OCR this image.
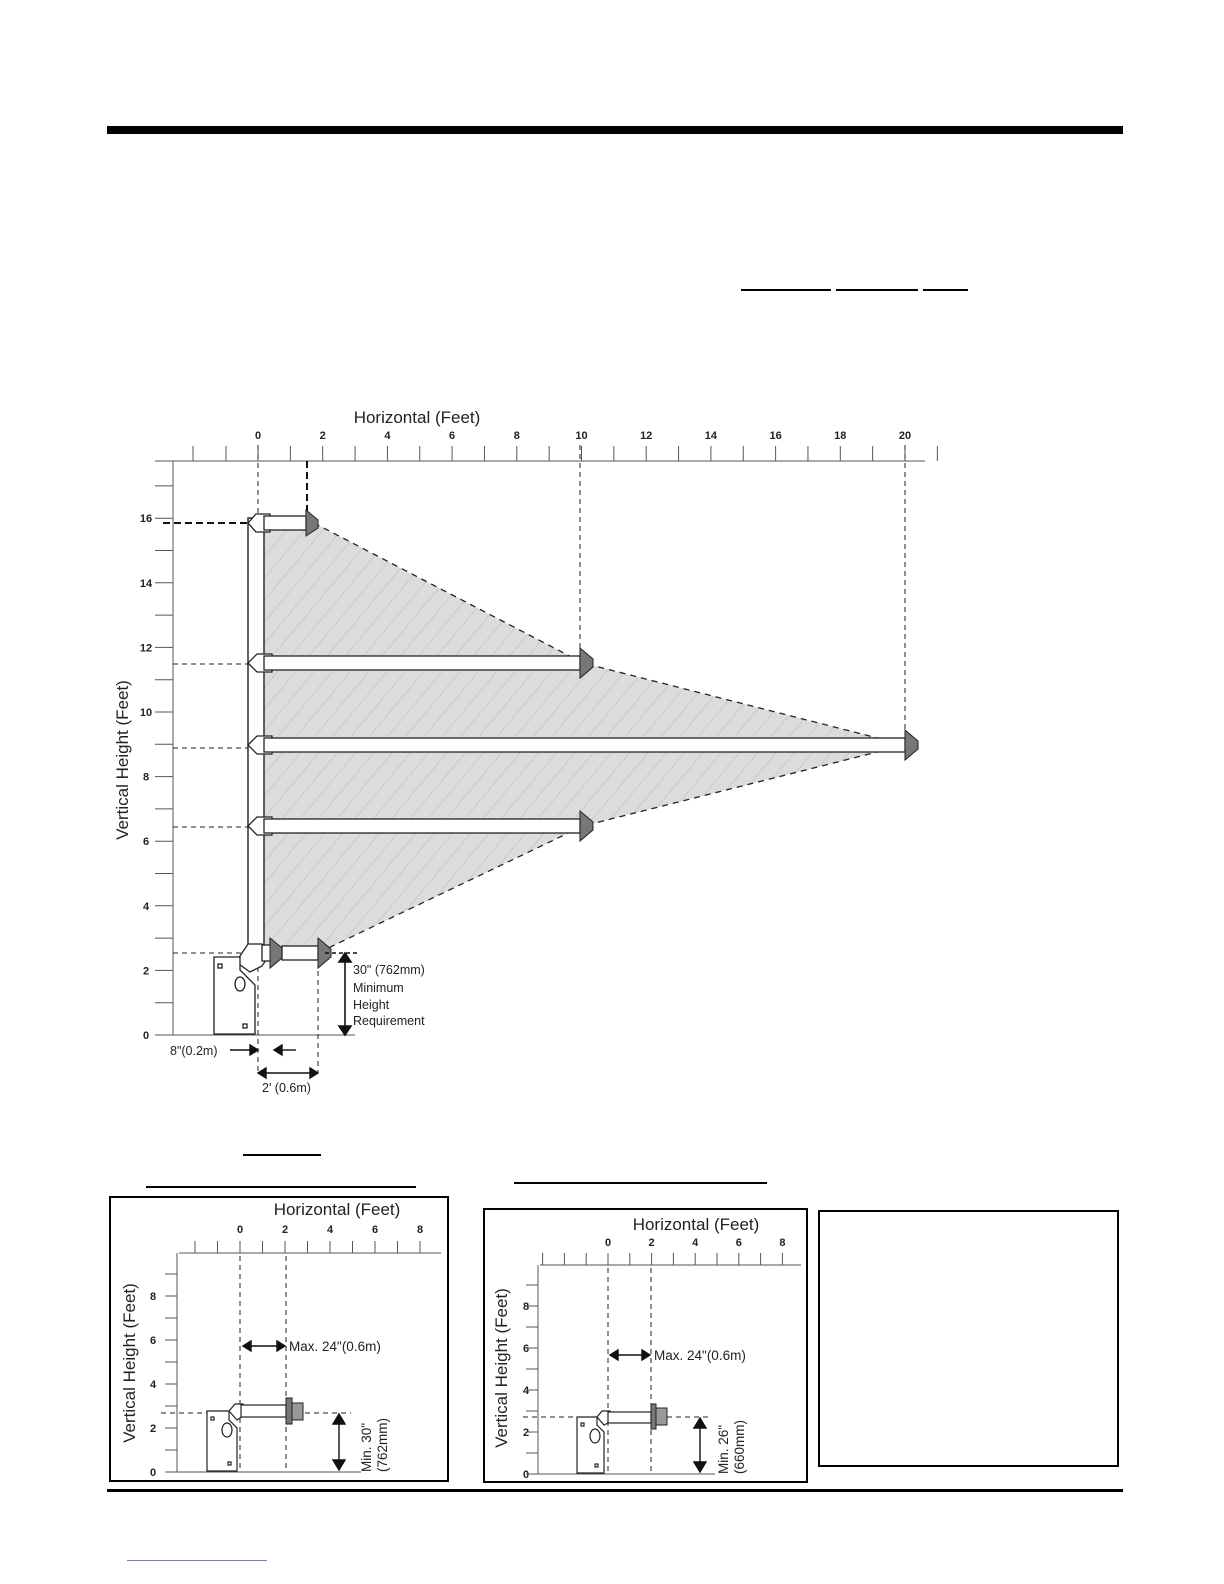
Horizontal (Feet)
Vertical Height (Feet)
0	2	4	6	8	10	12	14	16	18	20
0
2
4
6
8
10
12
14
16
30" (762mm)
Minimum
Height
Requirement
8"(0.2m)
2' (0.6m)
Horizontal (Feet)
Vertical Height (Feet)
0	2	4	6	8
0
2
4
6
8
Max. 24"(0.6m)
Min. 30" (762mm)
Horizontal (Feet)
Vertical Height (Feet)
0	2	4	6	8
0
2
4
6
8
Max. 24"(0.6m)
Min. 26" (660mm)
